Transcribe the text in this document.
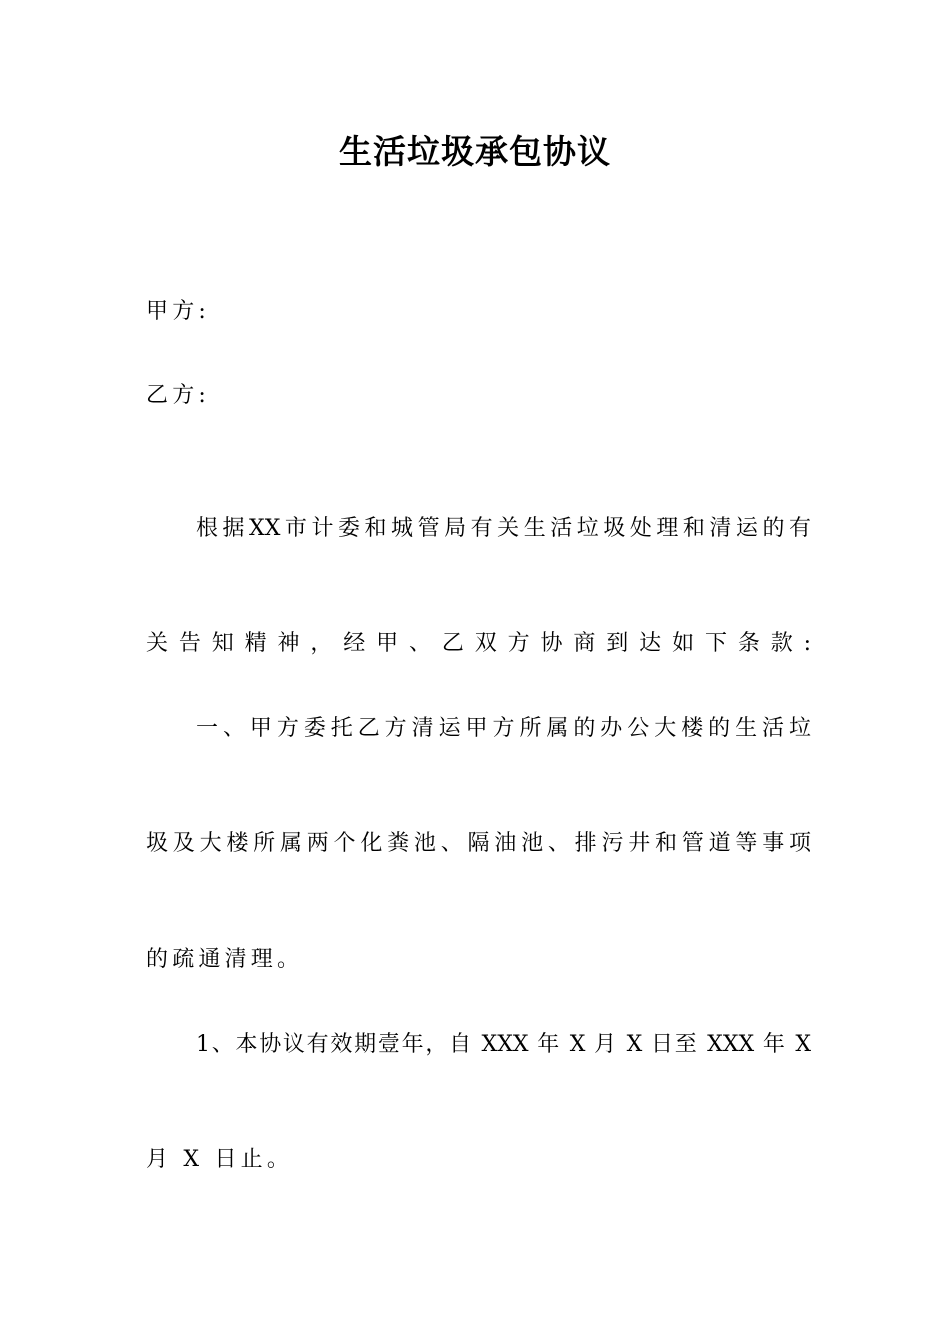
生活垃圾承包协议
甲方:
乙方:
根据XX市计委和城管局有关生活垃圾处理和清运的有
关告知精神，经甲、乙双方协商到达如下条款:
一、甲方委托乙方清运甲方所属的办公大楼的生活垃
圾及大楼所属两个化粪池、隔油池、排污井和管道等事项
的疏通清理。
1、本协议有效期壹年，自 XXX 年 X 月 X 日至 XXX 年 X
月 X 日止。
